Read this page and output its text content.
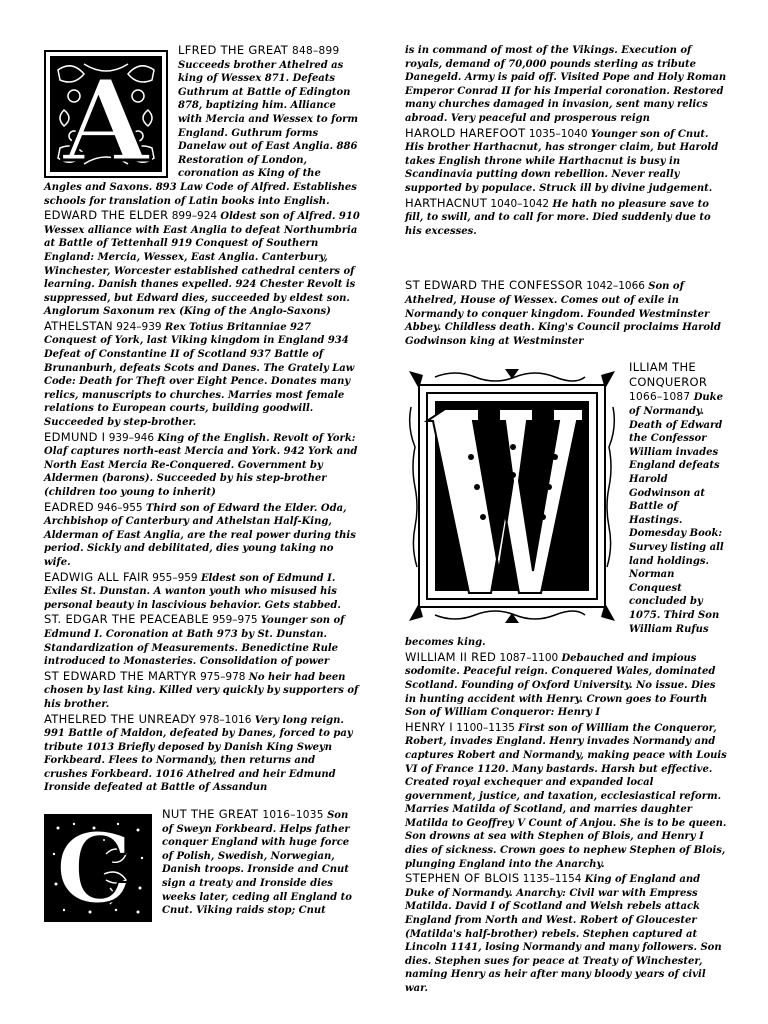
A
LFRED THE GREAT 848–899 Succeeds brother Athelred as king of Wessex 871. Defeats Guthrum at Battle of Edington 878, baptizing him. Alliance with Mercia and Wessex to form England. Guthrum forms Danelaw out of East Anglia. 886 Restoration of London, coronation as King of the Angles and Saxons. 893 Law Code of Alfred. Establishes schools for translation of Latin books into English.
EDWARD THE ELDER 899–924 Oldest son of Alfred. 910 Wessex alliance with East Anglia to defeat Northumbria at Battle of Tettenhall 919 Conquest of Southern England: Mercia, Wessex, East Anglia. Canterbury, Winchester, Worcester established cathedral centers of learning. Danish thanes expelled. 924 Chester Revolt is suppressed, but Edward dies, succeeded by eldest son. Anglorum Saxonum rex (King of the Anglo-Saxons)
ATHELSTAN 924–939 Rex Totius Britanniae 927 Conquest of York, last Viking kingdom in England 934 Defeat of Constantine II of Scotland 937 Battle of Brunanburh, defeats Scots and Danes. The Grately Law Code: Death for Theft over Eight Pence. Donates many relics, manuscripts to churches. Marries most female relations to European courts, building goodwill. Succeeded by step-brother.
EDMUND I 939–946 King of the English. Revolt of York: Olaf captures north-east Mercia and York. 942 York and North East Mercia Re-Conquered. Government by Aldermen (barons). Succeeded by his step-brother (children too young to inherit)
EADRED 946–955 Third son of Edward the Elder. Oda, Archbishop of Canterbury and Athelstan Half-King, Alderman of East Anglia, are the real power during this period. Sickly and debilitated, dies young taking no wife.
EADWIG ALL FAIR 955–959 Eldest son of Edmund I. Exiles St. Dunstan. A wanton youth who misused his personal beauty in lascivious behavior. Gets stabbed.
ST. EDGAR THE PEACEABLE 959–975 Younger son of Edmund I. Coronation at Bath 973 by St. Dunstan. Standardization of Measurements. Benedictine Rule introduced to Monasteries. Consolidation of power
ST EDWARD THE MARTYR 975–978 No heir had been chosen by last king. Killed very quickly by supporters of his brother.
ATHELRED THE UNREADY 978–1016 Very long reign. 991 Battle of Maldon, defeated by Danes, forced to pay tribute 1013 Briefly deposed by Danish King Sweyn Forkbeard. Flees to Normandy, then returns and crushes Forkbeard. 1016 Athelred and heir Edmund Ironside defeated at Battle of Assandun
C	NUT THE GREAT 1016–1035 Son of Sweyn Forkbeard. Helps father conquer England with huge force of Polish, Swedish, Norwegian, Danish troops. Ironside and Cnut sign a treaty and Ironside dies weeks later, ceding all England to Cnut. Viking raids stop; Cnut
is in command of most of the Vikings. Execution of royals, demand of 70,000 pounds sterling as tribute Danegeld. Army is paid off. Visited Pope and Holy Roman Emperor Conrad II for his Imperial coronation. Restored many churches damaged in invasion, sent many relics abroad. Very peaceful and prosperous reign
HAROLD HAREFOOT 1035–1040 Younger son of Cnut. His brother Harthacnut, has stronger claim, but Harold takes English throne while Harthacnut is busy in Scandinavia putting down rebellion. Never really supported by populace. Struck ill by divine judgement.
HARTHACNUT 1040–1042 He hath no pleasure save to fill, to swill, and to call for more. Died suddenly due to his excesses.
ST EDWARD THE CONFESSOR 1042–1066 Son of Athelred, House of Wessex. Comes out of exile in Normandy to conquer kingdom. Founded Westminster Abbey. Childless death. King's Council proclaims Harold Godwinson king at Westminster
ILLIAM THE CONQUEROR 1066–1087 Duke of Normandy. Death of Edward the Confessor William invades England defeats Harold Godwinson at Battle of Hastings. Domesday Book: Survey listing all land holdings. Norman Conquest concluded by 1075. Third Son William Rufus becomes king.
WILLIAM II RED 1087–1100 Debauched and impious sodomite. Peaceful reign. Conquered Wales, dominated Scotland. Founding of Oxford University. No issue. Dies in hunting accident with Henry. Crown goes to Fourth Son of William Conqueror: Henry I
HENRY I 1100–1135 First son of William the Conqueror, Robert, invades England. Henry invades Normandy and captures Robert and Normandy, making peace with Louis VI of France 1120. Many bastards. Harsh but effective. Created royal exchequer and expanded local government, justice, and taxation, ecclesiastical reform. Marries Matilda of Scotland, and marries daughter Matilda to Geoffrey V Count of Anjou. She is to be queen. Son drowns at sea with Stephen of Blois, and Henry I dies of sickness. Crown goes to nephew Stephen of Blois, plunging England into the Anarchy.
STEPHEN OF BLOIS 1135–1154 King of England and Duke of Normandy. Anarchy: Civil war with Empress Matilda. David I of Scotland and Welsh rebels attack England from North and West. Robert of Gloucester (Matilda's half-brother) rebels. Stephen captured at Lincoln 1141, losing Normandy and many followers. Son dies. Stephen sues for peace at Treaty of Winchester, naming Henry as heir after many bloody years of civil war.
